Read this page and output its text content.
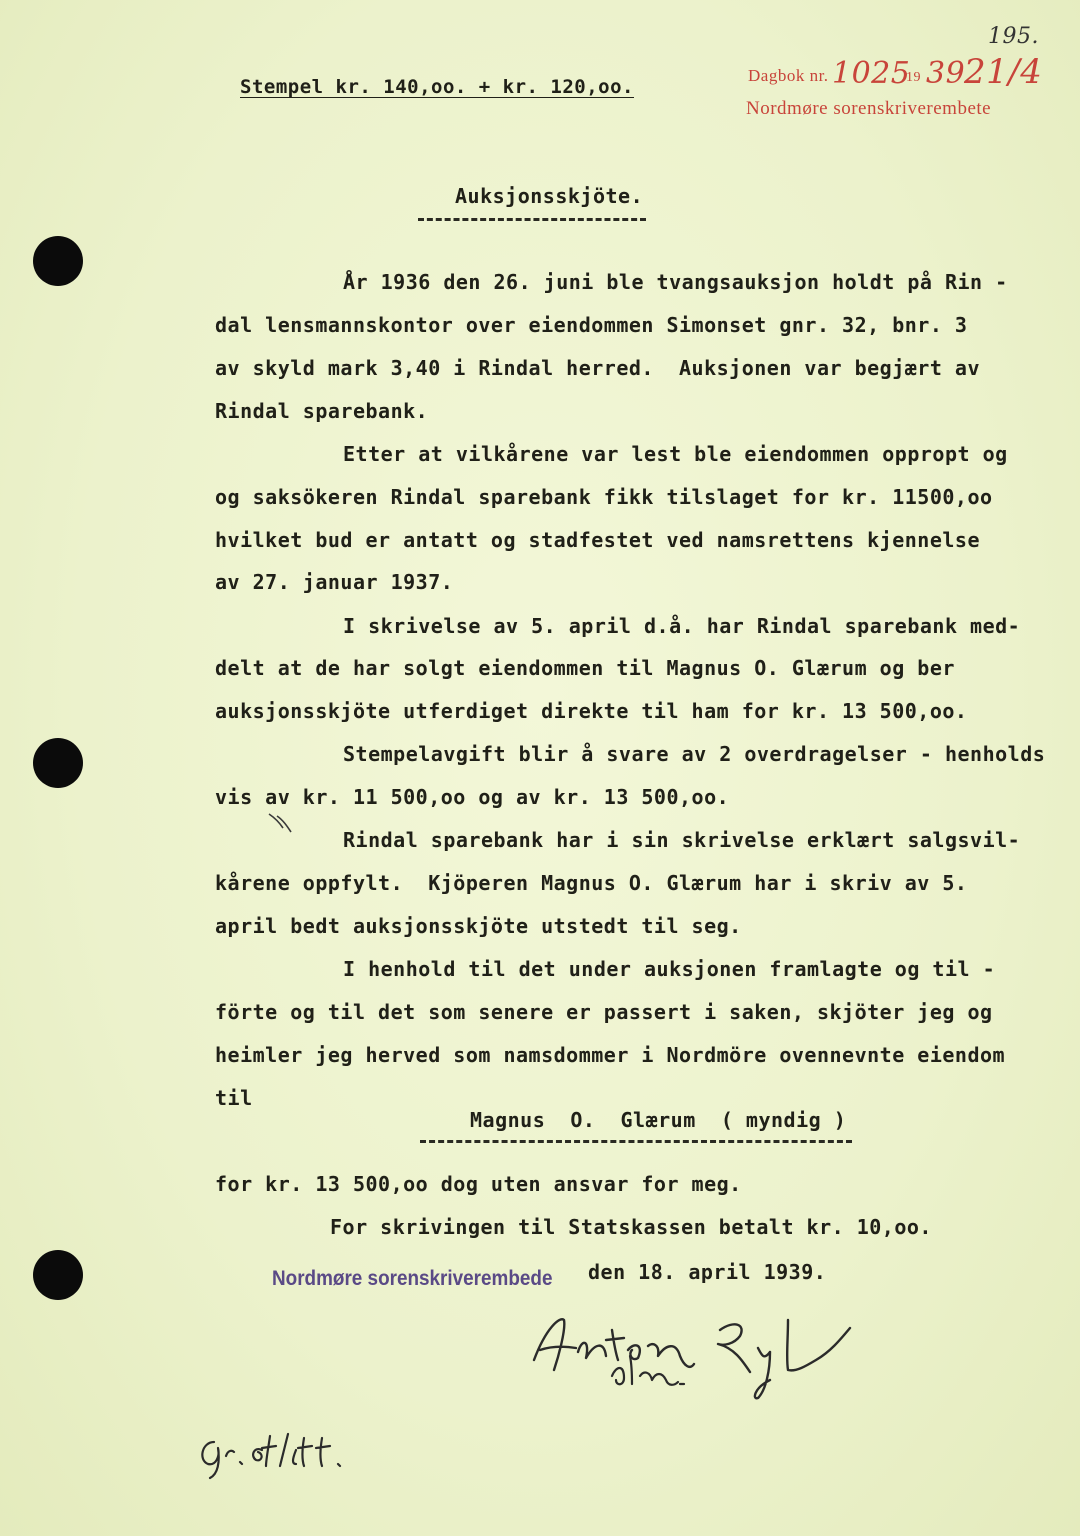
195.
Stempel kr. 140,oo. + kr. 120,oo.
Dagbok nr. 1025
19 39
21/4
Nordmøre sorenskriverembete
Auksjonsskjöte.
År 1936 den 26. juni ble tvangsauksjon holdt på Rin -
dal lensmannskontor over eiendommen Simonset gnr. 32, bnr. 3
av skyld mark 3,40 i Rindal herred.  Auksjonen var begjært av
Rindal sparebank.
Etter at vilkårene var lest ble eiendommen opprop‍t og
og saksökeren Rindal sparebank fikk tilslaget for kr. 11500,oo
hvilket bud er antatt og stadfestet ved namsrettens kjennelse
av 27. januar 1937.
I skrivelse av 5. april d.å. har Rindal sparebank med-
delt at de har solgt eiendommen til Magnus O. Glærum og ber
auksjonsskjöte utferdiget direkte til ham for kr. 13 500,oo.
Stempelavgift blir å svare av 2 overdragelser - henholds
vis av kr. 11 500,oo og av kr. 13 500,oo.
Rindal sparebank har i sin skrivelse erklært salgsvil-
kårene oppfylt.  Kjöperen Magnus O. Glærum har i skriv av 5.
april bedt auksjonsskjöte utstedt til seg.
I henhold til det under auksjonen framlagte og til -
förte og til det som senere er passert i saken, skjöter jeg og
heimler jeg herved som namsdommer i Nordmöre ovennevnte eiendom
til
Magnus  O.  Glærum  ( myndig )
for kr. 13 500,oo dog uten ansvar for meg.
For skrivingen til Statskassen betalt kr. 10,oo.
Nordmøre sorenskriverembede den 18. april 1939.
